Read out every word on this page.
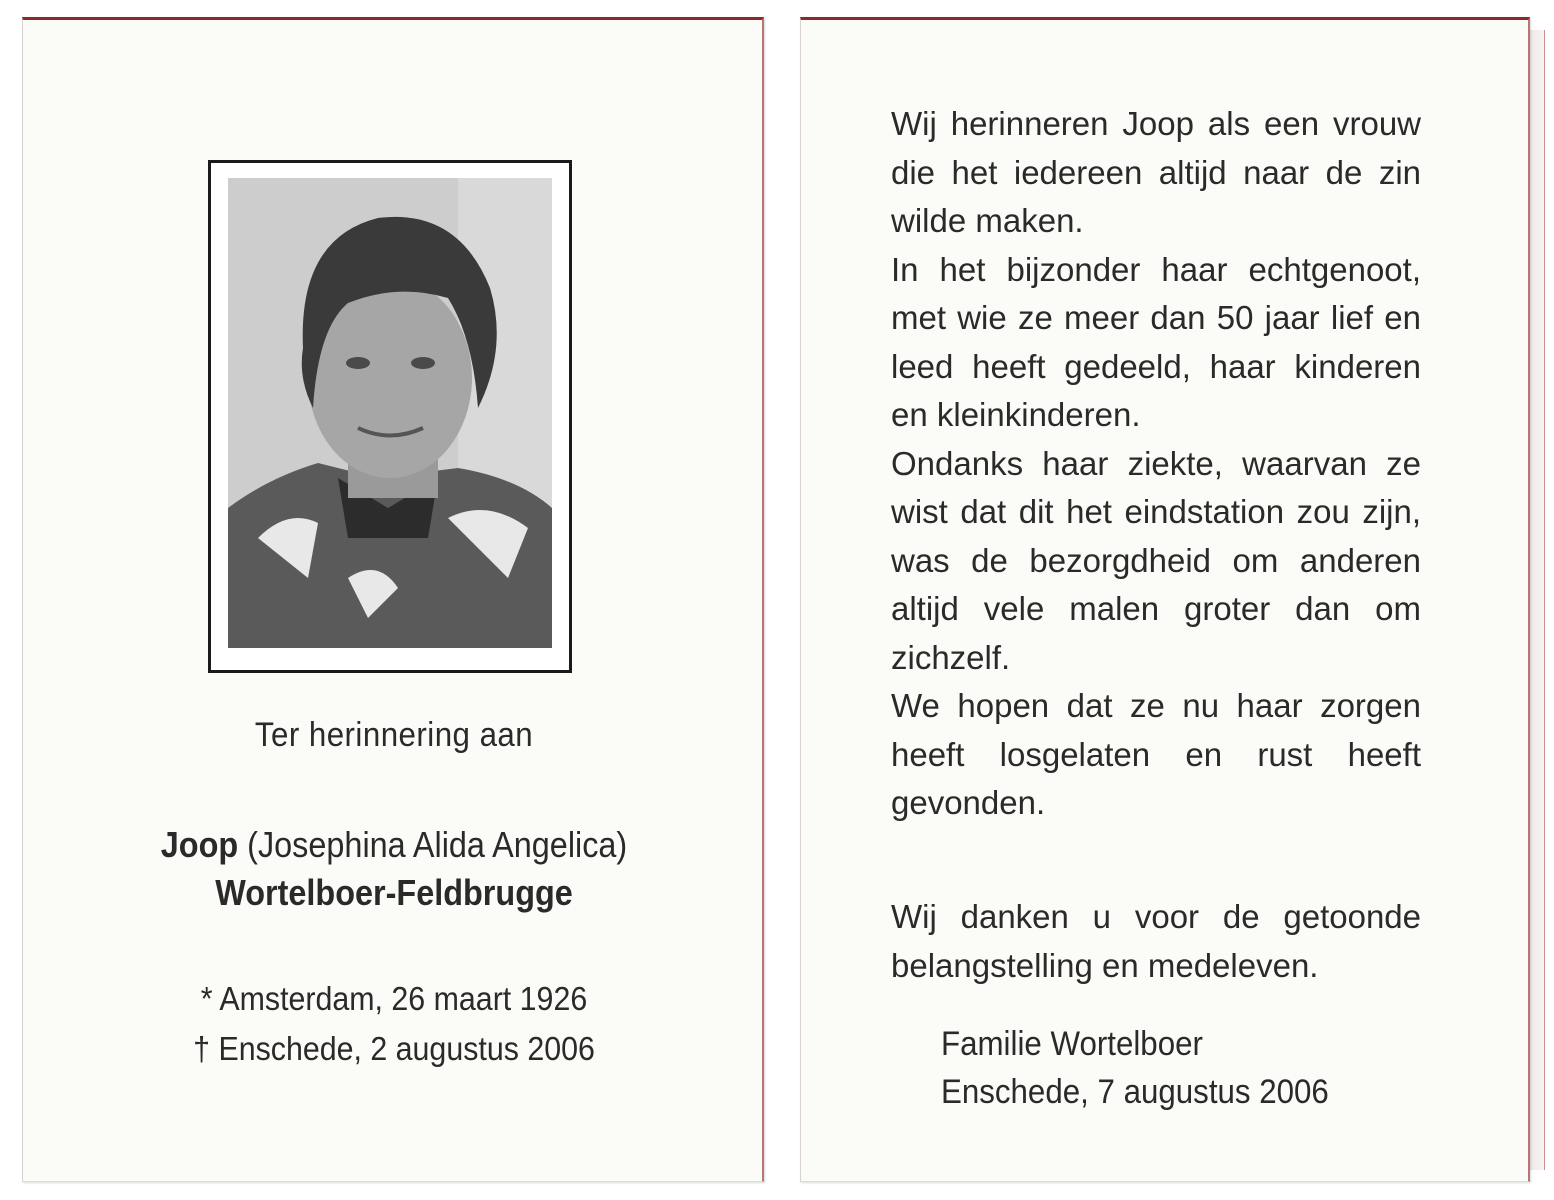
Ter herinnering aan
Joop (Josephina Alida Angelica)
Wortelboer-Feldbrugge
* Amsterdam, 26 maart 1926
† Enschede, 2 augustus 2006
Wij herinneren Joop als een vrouw
die het iedereen altijd naar de zin
wilde maken.
In het bijzonder haar echtgenoot,
met wie ze meer dan 50 jaar lief en
leed heeft gedeeld, haar kinderen
en kleinkinderen.
Ondanks haar ziekte, waarvan ze
wist dat dit het eindstation zou zijn,
was de bezorgdheid om anderen
altijd vele malen groter dan om
zichzelf.
We hopen dat ze nu haar zorgen
heeft losgelaten en rust heeft
gevonden.
Wij danken u voor de getoonde
belangstelling en medeleven.
Familie Wortelboer
Enschede, 7 augustus 2006
